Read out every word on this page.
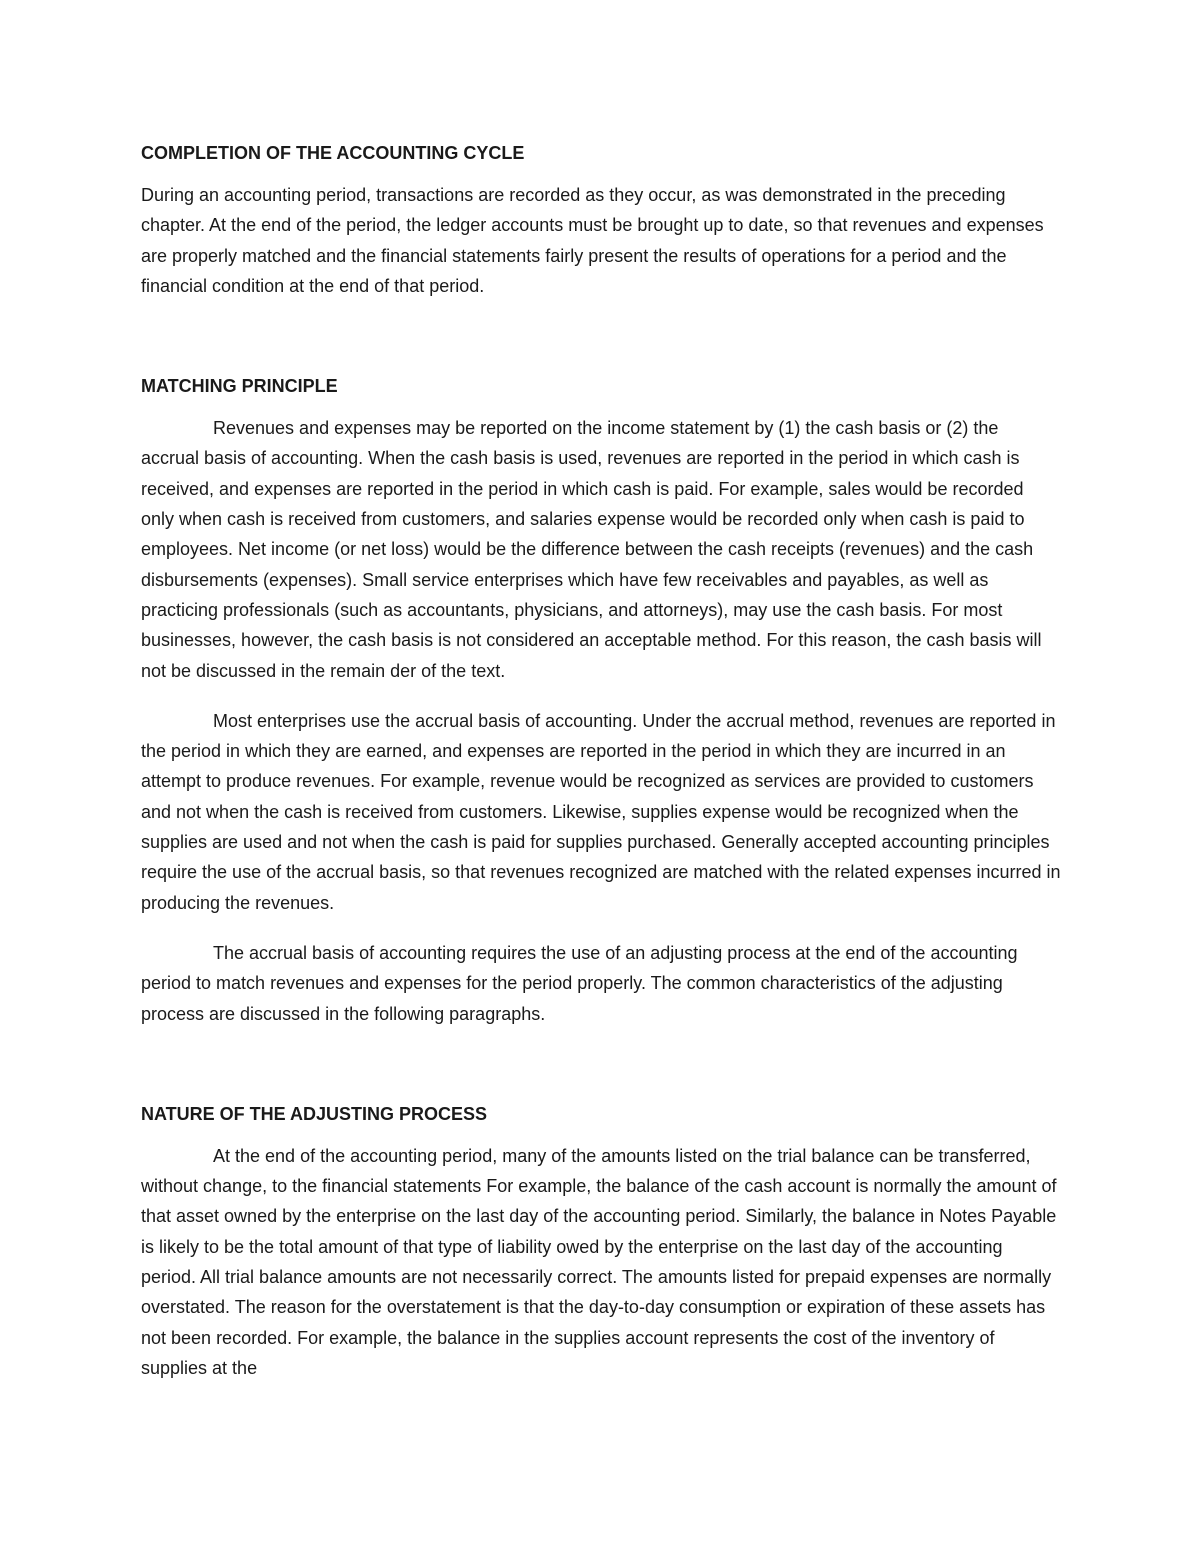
COMPLETION OF THE ACCOUNTING CYCLE

During an accounting period, transactions are recorded as they occur, as was demonstrated in the preceding chapter. At the end of the period, the ledger accounts must be brought up to date, so that revenues and expenses are properly matched and the financial statements fairly present the results of operations for a period and the financial condition at the end of that period.

MATCHING PRINCIPLE

Revenues and expenses may be reported on the income statement by (1) the cash basis or (2) the accrual basis of accounting. When the cash basis is used, revenues are reported in the period in which cash is received, and expenses are reported in the period in which cash is paid. For example, sales would be recorded only when cash is received from customers, and salaries expense would be recorded only when cash is paid to employees. Net income (or net loss) would be the difference between the cash receipts (revenues) and the cash disbursements (expenses). Small service enterprises which have few receivables and payables, as well as practicing professionals (such as accountants, physicians, and attorneys), may use the cash basis. For most businesses, however, the cash basis is not considered an acceptable method. For this reason, the cash basis will not be discussed in the remain der of the text.

Most enterprises use the accrual basis of accounting. Under the accrual method, revenues are reported in the period in which they are earned, and expenses are reported in the period in which they are incurred in an attempt to produce revenues. For example, revenue would be recognized as services are provided to customers and not when the cash is received from customers. Likewise, supplies expense would be recognized when the supplies are used and not when the cash is paid for supplies purchased. Generally accepted accounting principles require the use of the accrual basis, so that revenues recognized are matched with the related expenses incurred in producing the revenues.

The accrual basis of accounting requires the use of an adjusting process at the end of the accounting period to match revenues and expenses for the period properly. The common characteristics of the adjusting process are discussed in the following paragraphs.

NATURE OF THE ADJUSTING PROCESS

At the end of the accounting period, many of the amounts listed on the trial balance can be transferred, without change, to the financial statements For example, the balance of the cash account is normally the amount of that asset owned by the enterprise on the last day of the accounting period. Similarly, the balance in Notes Payable is likely to be the total amount of that type of liability owed by the enterprise on the last day of the accounting period. All trial balance amounts are not necessarily correct. The amounts listed for prepaid expenses are normally overstated. The reason for the overstatement is that the day-to-day consumption or expiration of these assets has not been recorded. For example, the balance in the supplies account represents the cost of the inventory of supplies at the
